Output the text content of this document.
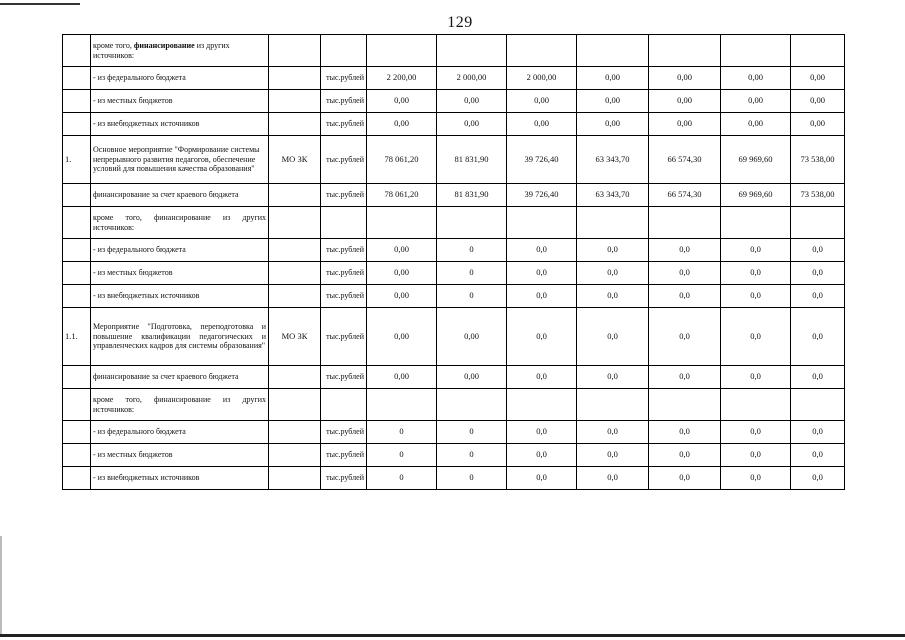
129
	кроме того, финансирование из других источников:									
	- из федерального бюджета		тыс.рублей	2 200,00	2 000,00	2 000,00	0,00	0,00	0,00	0,00
	- из местных бюджетов		тыс.рублей	0,00	0,00	0,00	0,00	0,00	0,00	0,00
	- из внебюджетных источников		тыс.рублей	0,00	0,00	0,00	0,00	0,00	0,00	0,00
1.	Основное мероприятие "Формирование системы непрерывного развития педагогов, обеспечение условий для повышения качества образования"	МО ЗК	тыс.рублей	78 061,20	81 831,90	39 726,40	63 343,70	66 574,30	69 969,60	73 538,00
	финансирование за счет краевого бюджета		тыс.рублей	78 061,20	81 831,90	39 726,40	63 343,70	66 574,30	69 969,60	73 538,00
	кроме того, финансирование из других источников:									
	- из федерального бюджета		тыс.рублей	0,00	0	0,0	0,0	0,0	0,0	0,0
	- из местных бюджетов		тыс.рублей	0,00	0	0,0	0,0	0,0	0,0	0,0
	- из внебюджетных источников		тыс.рублей	0,00	0	0,0	0,0	0,0	0,0	0,0
1.1.	Мероприятие "Подготовка, переподготовка и повышение квалификации педагогических и управленческих кадров для системы образования"	МО ЗК	тыс.рублей	0,00	0,00	0,0	0,0	0,0	0,0	0,0
	финансирование за счет краевого бюджета		тыс.рублей	0,00	0,00	0,0	0,0	0,0	0,0	0,0
	кроме того, финансирование из других источников:									
	- из федерального бюджета		тыс.рублей	0	0	0,0	0,0	0,0	0,0	0,0
	- из местных бюджетов		тыс.рублей	0	0	0,0	0,0	0,0	0,0	0,0
	- из внебюджетных источников		тыс.рублей	0	0	0,0	0,0	0,0	0,0	0,0
